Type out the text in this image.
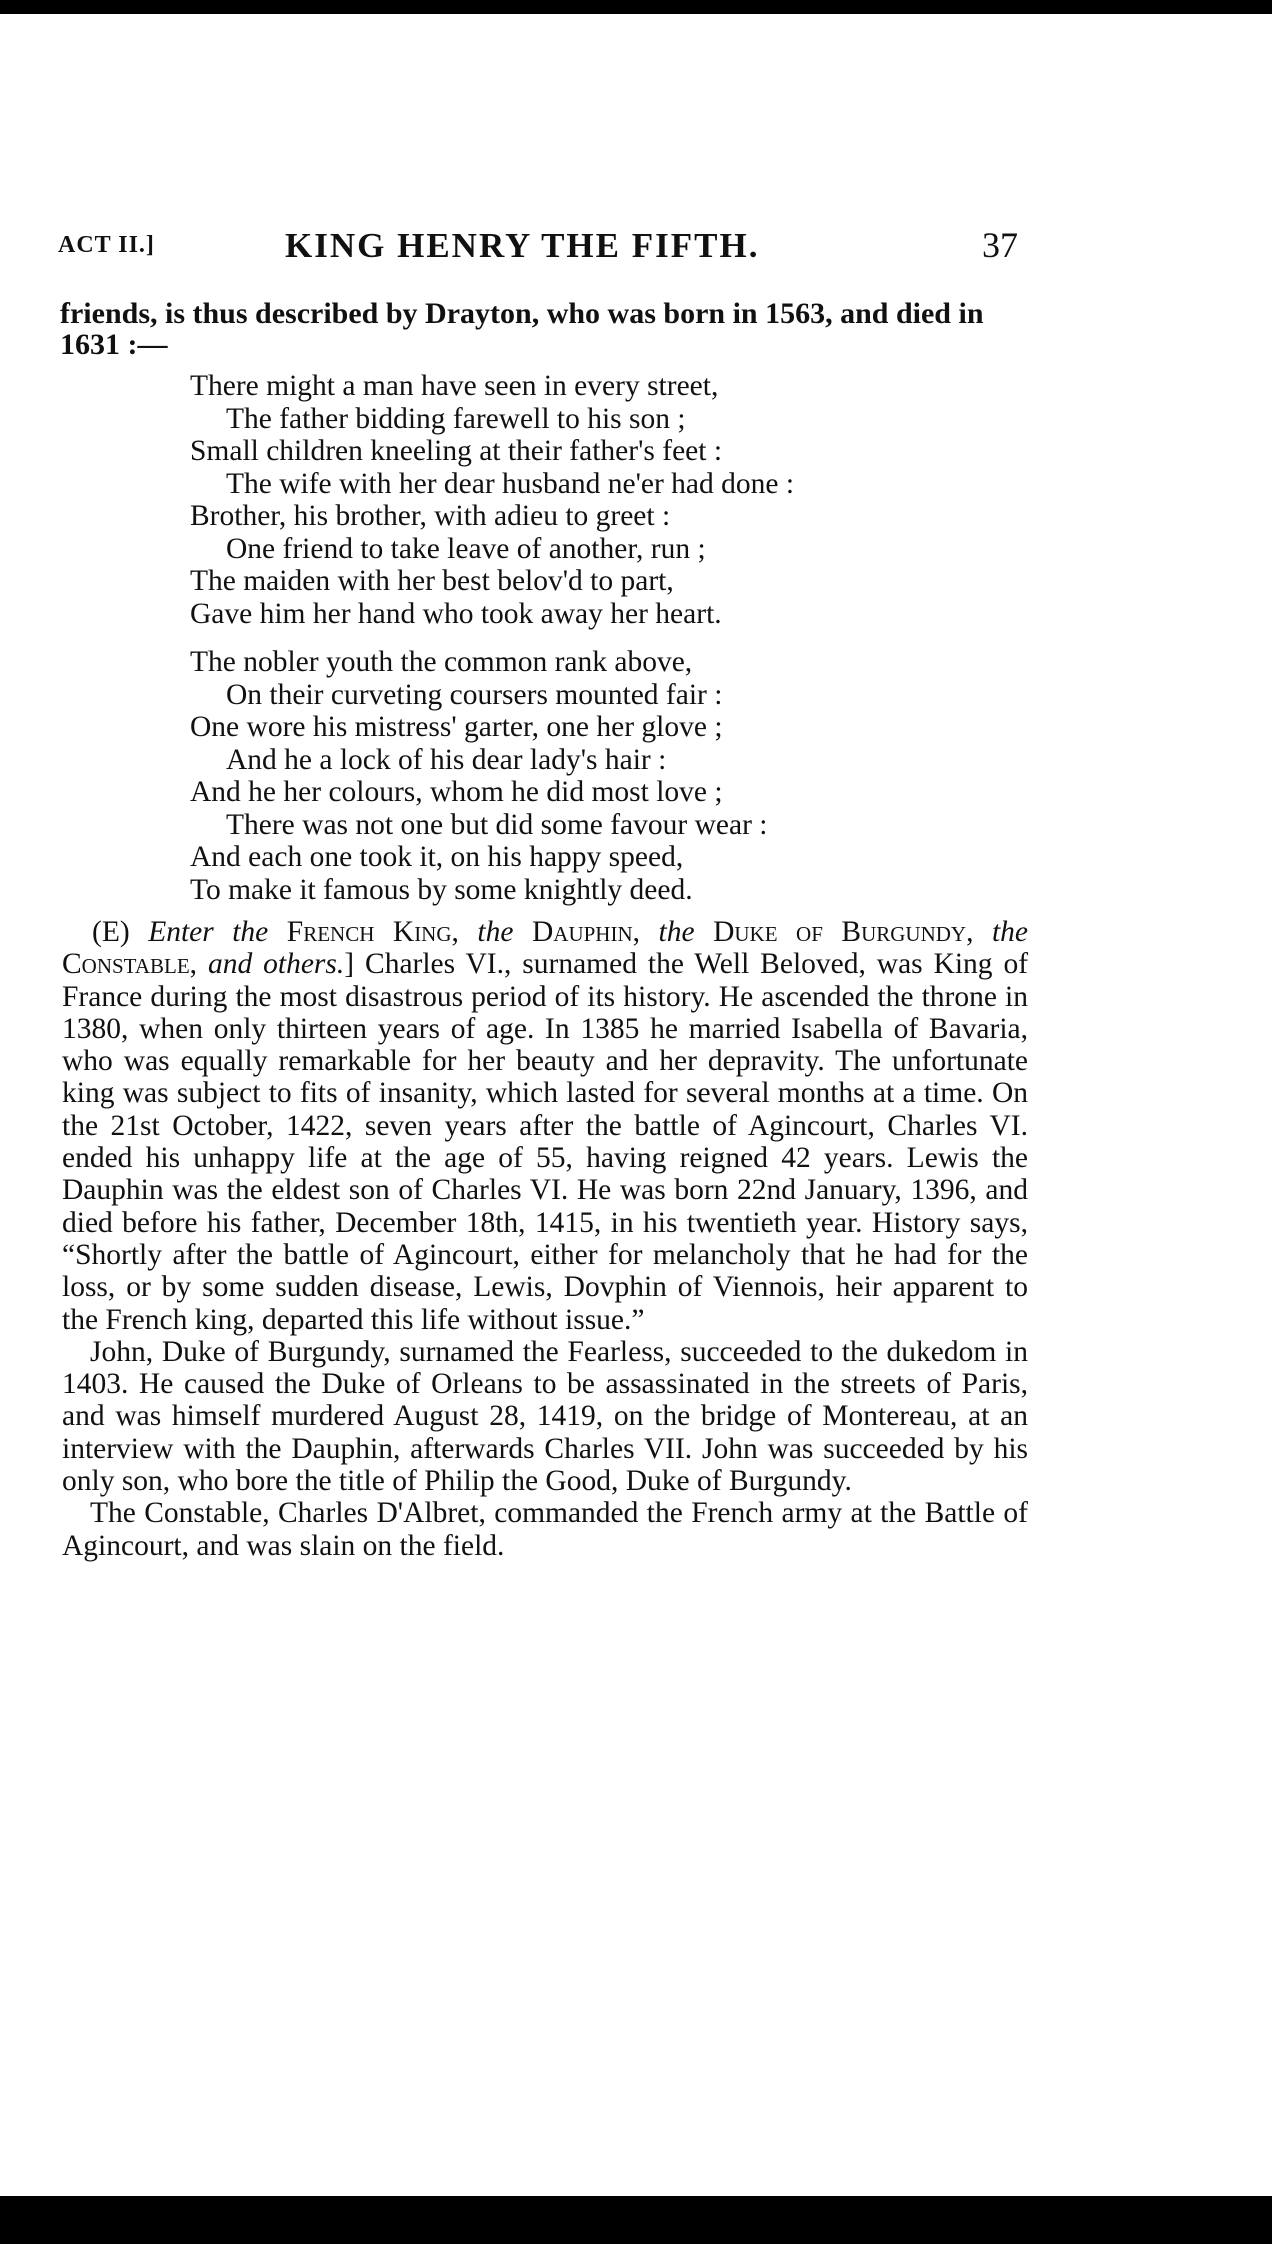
ACT II.]	KING HENRY THE FIFTH.	37
friends, is thus described by Drayton, who was born in 1563, and died in 1631 :—
There might a man have seen in every street,
The father bidding farewell to his son ;
Small children kneeling at their father's feet :
The wife with her dear husband ne'er had done :
Brother, his brother, with adieu to greet :
One friend to take leave of another, run ;
The maiden with her best belov'd to part,
Gave him her hand who took away her heart.
The nobler youth the common rank above,
On their curveting coursers mounted fair :
One wore his mistress' garter, one her glove ;
And he a lock of his dear lady's hair :
And he her colours, whom he did most love ;
There was not one but did some favour wear :
And each one took it, on his happy speed,
To make it famous by some knightly deed.

(E) Enter the French King, the Dauphin, the Duke of Burgundy, the Constable, and others.] Charles VI., surnamed the Well Beloved, was King of France during the most disastrous period of its history. He ascended the throne in 1380, when only thirteen years of age. In 1385 he married Isabella of Bavaria, who was equally remarkable for her beauty and her depravity. The unfortunate king was subject to fits of insanity, which lasted for several months at a time. On the 21st October, 1422, seven years after the battle of Agincourt, Charles VI. ended his unhappy life at the age of 55, having reigned 42 years. Lewis the Dauphin was the eldest son of Charles VI. He was born 22nd January, 1396, and died before his father, December 18th, 1415, in his twentieth year. History says, “Shortly after the battle of Agincourt, either for melancholy that he had for the loss, or by some sudden disease, Lewis, Dovphin of Viennois, heir apparent to the French king, departed this life without issue.”

John, Duke of Burgundy, surnamed the Fearless, succeeded to the dukedom in 1403. He caused the Duke of Orleans to be assassinated in the streets of Paris, and was himself murdered August 28, 1419, on the bridge of Montereau, at an interview with the Dauphin, afterwards Charles VII. John was succeeded by his only son, who bore the title of Philip the Good, Duke of Burgundy.

The Constable, Charles D'Albret, commanded the French army at the Battle of Agincourt, and was slain on the field.
